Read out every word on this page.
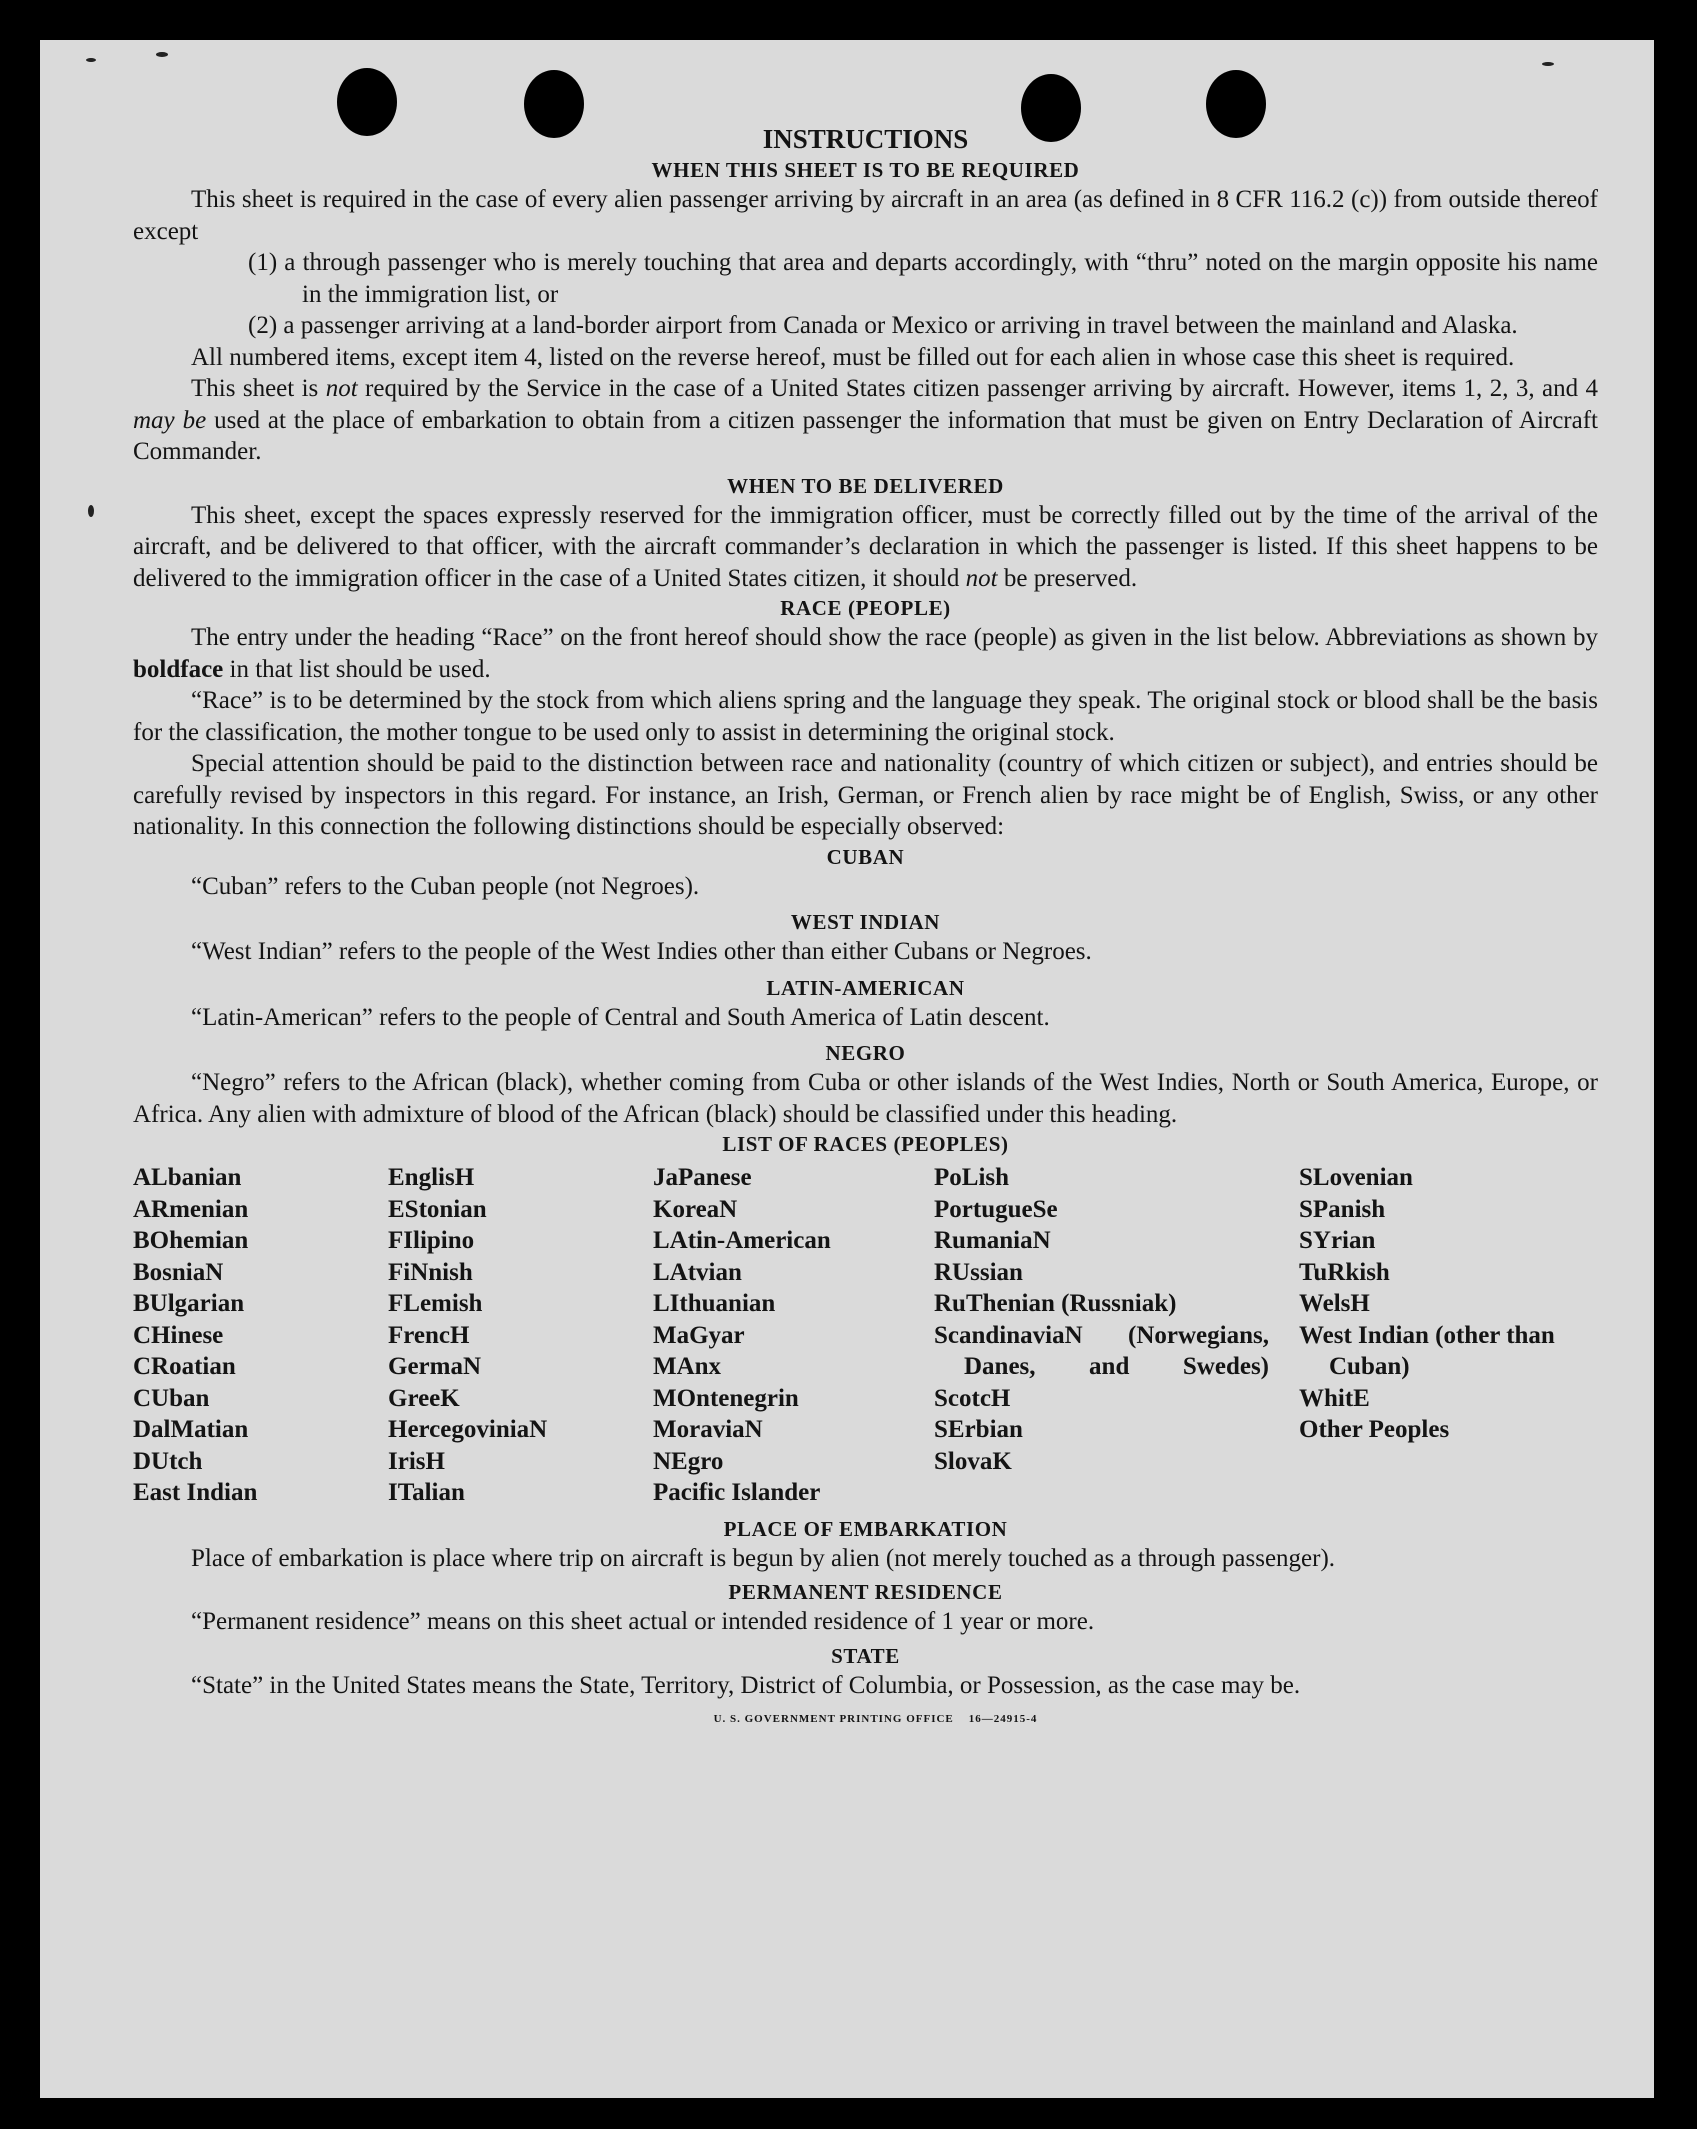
INSTRUCTIONS
WHEN THIS SHEET IS TO BE REQUIRED

This sheet is required in the case of every alien passenger arriving by aircraft in an area (as defined in 8 CFR 116.2 (c)) from outside thereof except

(1) a through passenger who is merely touching that area and departs accordingly, with “thru” noted on the margin opposite his name in the immigration list, or

(2) a passenger arriving at a land-border airport from Canada or Mexico or arriving in travel between the mainland and Alaska.

All numbered items, except item 4, listed on the reverse hereof, must be filled out for each alien in whose case this sheet is required.

This sheet is not required by the Service in the case of a United States citizen passenger arriving by aircraft. However, items 1, 2, 3, and 4 may be used at the place of embarkation to obtain from a citizen passenger the information that must be given on Entry Declaration of Aircraft Commander.

WHEN TO BE DELIVERED

This sheet, except the spaces expressly reserved for the immigration officer, must be correctly filled out by the time of the arrival of the aircraft, and be delivered to that officer, with the aircraft commander’s declaration in which the passenger is listed. If this sheet happens to be delivered to the immigration officer in the case of a United States citizen, it should not be preserved.

RACE (PEOPLE)

The entry under the heading “Race” on the front hereof should show the race (people) as given in the list below. Abbreviations as shown by boldface in that list should be used.

“Race” is to be determined by the stock from which aliens spring and the language they speak. The original stock or blood shall be the basis for the classification, the mother tongue to be used only to assist in determining the original stock.

Special attention should be paid to the distinction between race and nationality (country of which citizen or subject), and entries should be carefully revised by inspectors in this regard. For instance, an Irish, German, or French alien by race might be of English, Swiss, or any other nationality. In this connection the following distinctions should be especially observed:

CUBAN

“Cuban” refers to the Cuban people (not Negroes).

WEST INDIAN

“West Indian” refers to the people of the West Indies other than either Cubans or Negroes.

LATIN-AMERICAN

“Latin-American” refers to the people of Central and South America of Latin descent.

NEGRO

“Negro” refers to the African (black), whether coming from Cuba or other islands of the West Indies, North or South America, Europe, or Africa. Any alien with admixture of blood of the African (black) should be classified under this heading.

LIST OF RACES (PEOPLES)
ALbanian
ARmenian
BOhemian
BosniaN
BUlgarian
CHinese
CRoatian
CUban
DalMatian
DUtch
East Indian
EnglisH
EStonian
FIlipino
FiNnish
FLemish
FrencH
GermaN
GreeK
HercegoviniaN
IrisH
ITalian
JaPanese
KoreaN
LAtin-American
LAtvian
LIthuanian
MaGyar
MAnx
MOntenegrin
MoraviaN
NEgro
Pacific Islander
PoLish
PortugueSe
RumaniaN
RUssian
RuThenian (Russniak)
ScandinaviaN (Norwegians, Danes, and Swedes)
ScotcH
SErbian
SlovaK
SLovenian
SPanish
SYrian
TuRkish
WelsH
West Indian (other than Cuban)
WhitE
Other Peoples
PLACE OF EMBARKATION

Place of embarkation is place where trip on aircraft is begun by alien (not merely touched as a through passenger).

PERMANENT RESIDENCE

“Permanent residence” means on this sheet actual or intended residence of 1 year or more.

STATE

“State” in the United States means the State, Territory, District of Columbia, or Possession, as the case may be.

U. S. GOVERNMENT PRINTING OFFICE    16—24915-4
